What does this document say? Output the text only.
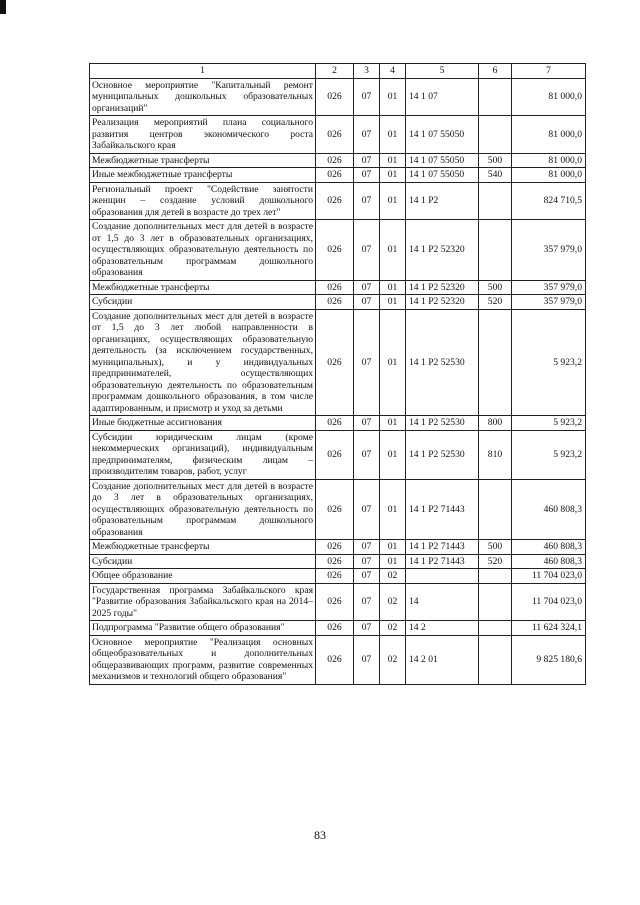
1	2	3	4	5	6	7
Основное мероприятие "Капитальный ремонт муниципальных дошкольных образовательных организаций"	026	07	01	14 1 07		81 000,0
Реализация мероприятий плана социального развития центров экономического роста Забайкальского края	026	07	01	14 1 07 55050		81 000,0
Межбюджетные трансферты	026	07	01	14 1 07 55050	500	81 000,0
Иные межбюджетные трансферты	026	07	01	14 1 07 55050	540	81 000,0
Региональный проект "Содействие занятости женщин – создание условий дошкольного образования для детей в возрасте до трех лет"	026	07	01	14 1 P2		824 710,5
Создание дополнительных мест для детей в возрасте от 1,5 до 3 лет в образовательных организациях, осуществляющих образовательную деятельность по образовательным программам дошкольного образования	026	07	01	14 1 P2 52320		357 979,0
Межбюджетные трансферты	026	07	01	14 1 P2 52320	500	357 979,0
Субсидии	026	07	01	14 1 P2 52320	520	357 979,0
Создание дополнительных мест для детей в возрасте от 1,5 до 3 лет любой направленности в организациях, осуществляющих образовательную деятельность (за исключением государственных, муниципальных), и у индивидуальных предпринимателей, осуществляющих образовательную деятельность по образовательным программам дошкольного образования, в том числе адаптированным, и присмотр и уход за детьми	026	07	01	14 1 P2 52530		5 923,2
Иные бюджетные ассигнования	026	07	01	14 1 P2 52530	800	5 923,2
Субсидии юридическим лицам (кроме некоммерческих организаций), индивидуальным предпринимателям, физическим лицам – производителям товаров, работ, услуг	026	07	01	14 1 P2 52530	810	5 923,2
Создание дополнительных мест для детей в возрасте до 3 лет в образовательных организациях, осуществляющих образовательную деятельность по образовательным программам дошкольного образования	026	07	01	14 1 P2 71443		460 808,3
Межбюджетные трансферты	026	07	01	14 1 P2 71443	500	460 808,3
Субсидии	026	07	01	14 1 P2 71443	520	460 808,3
Общее образование	026	07	02			11 704 023,0
Государственная программа Забайкальского края "Развитие образования Забайкальского края на 2014–2025 годы"	026	07	02	14		11 704 023,0
Подпрограмма "Развитие общего образования"	026	07	02	14 2		11 624 324,1
Основное мероприятие "Реализация основных общеобразовательных и дополнительных общеразвивающих программ, развитие современных механизмов и технологий общего образования"	026	07	02	14 2 01		9 825 180,6
83
